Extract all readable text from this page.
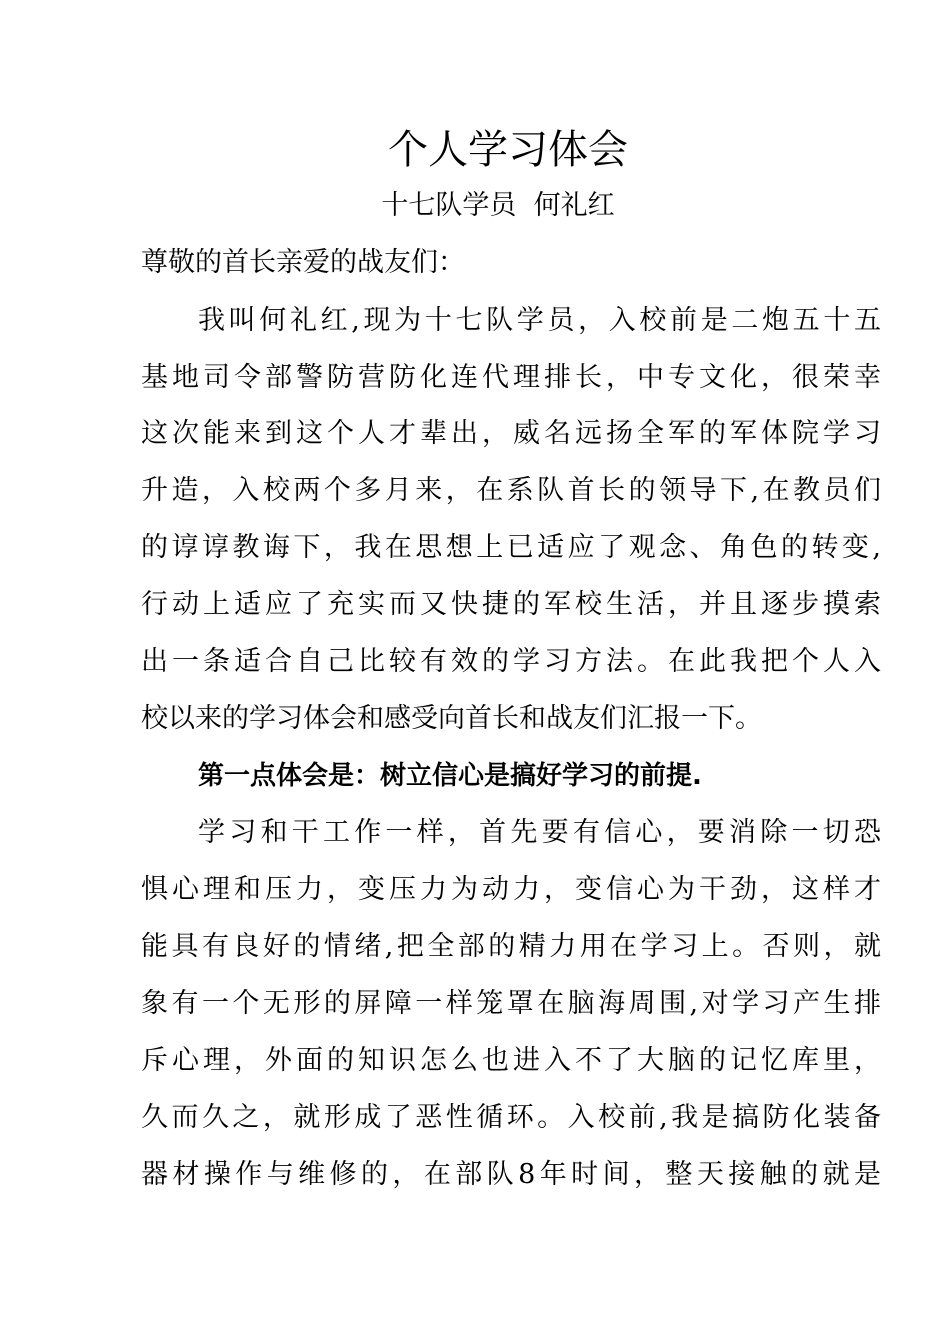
个人学习体会
十七队学员  何礼红
尊敬的首长亲爱的战友们：
我叫何礼红,现为十七队学员，入校前是二炮五十五
基地司令部警防营防化连代理排长，中专文化，很荣幸
这次能来到这个人才辈出，威名远扬全军的军体院学习
升造，入校两个多月来，在系队首长的领导下,在教员们
的谆谆教诲下，我在思想上已适应了观念、角色的转变,
行动上适应了充实而又快捷的军校生活，并且逐步摸索
出一条适合自己比较有效的学习方法。在此我把个人入
校以来的学习体会和感受向首长和战友们汇报一下。
第一点体会是：树立信心是搞好学习的前提.
学习和干工作一样，首先要有信心，要消除一切恐
惧心理和压力，变压力为动力，变信心为干劲，这样才
能具有良好的情绪,把全部的精力用在学习上。否则，就
象有一个无形的屏障一样笼罩在脑海周围,对学习产生排
斥心理，外面的知识怎么也进入不了大脑的记忆库里，
久而久之，就形成了恶性循环。入校前,我是搞防化装备
器材操作与维修的，在部队8年时间，整天接触的就是
